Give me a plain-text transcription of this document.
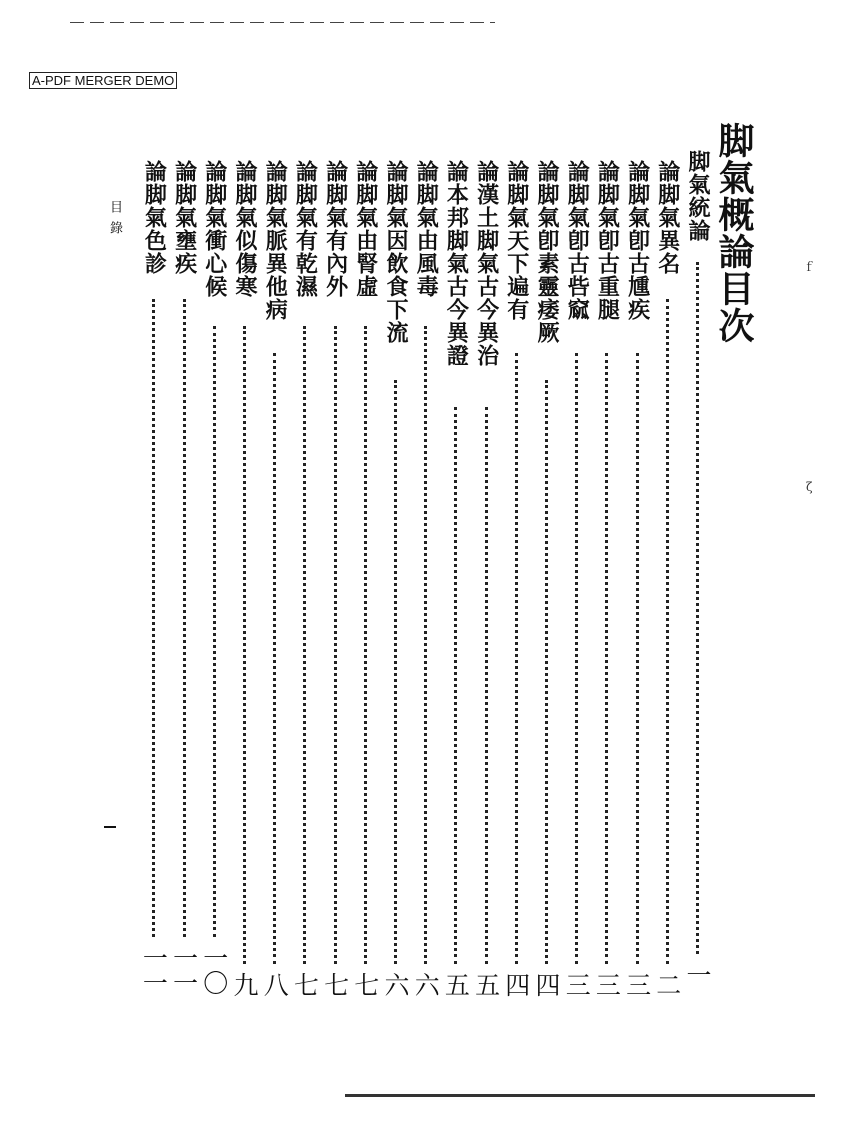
A-PDF MERGER DEMO
脚氣概論目次
目錄	脚氣統論
一
論脚氣異名
二
論脚氣卽古尰疾
三
論脚氣卽古重腿
三
論脚氣卽古呰窳
三
論脚氣卽素靈痿厥
四
論脚氣天下遍有
四
論漢土脚氣古今異治
五
論本邦脚氣古今異證
五
論脚氣由風毒
六
論脚氣因飲食下流
六
論脚氣由腎虛
七
論脚氣有內外
七
論脚氣有乾濕
七
論脚氣脈異他病
八
論脚氣似傷寒
九
論脚氣衝心候
一〇
論脚氣壅疾
一一
論脚氣色診
一一
ｆ
ζ
